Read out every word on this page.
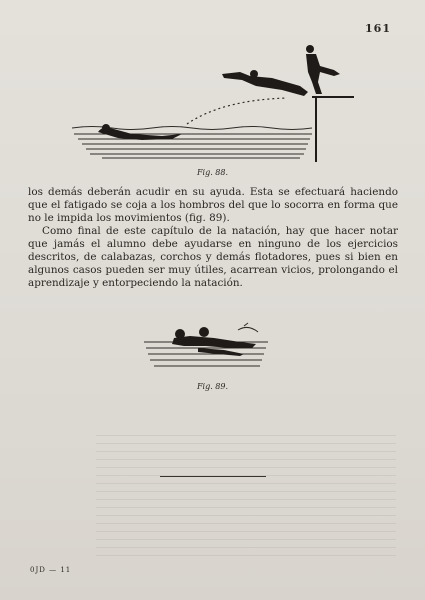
161
Fig. 88.

los demás deberán acudir en su ayuda. Esta se efectuará haciendo que el fatigado se coja a los hombros del que lo socorra en forma que no le impida los movimientos (fig. 89).

Como final de este capítulo de la natación, hay que hacer notar que jamás el alumno debe ayudarse en ninguno de los ejercicios descritos, de calabazas, corchos y demás flotadores, pues si bien en algunos casos pueden ser muy útiles, acarrean vicios, prolongando el aprendizaje y entorpeciendo la natación.

Fig. 89.
0JD — 11
